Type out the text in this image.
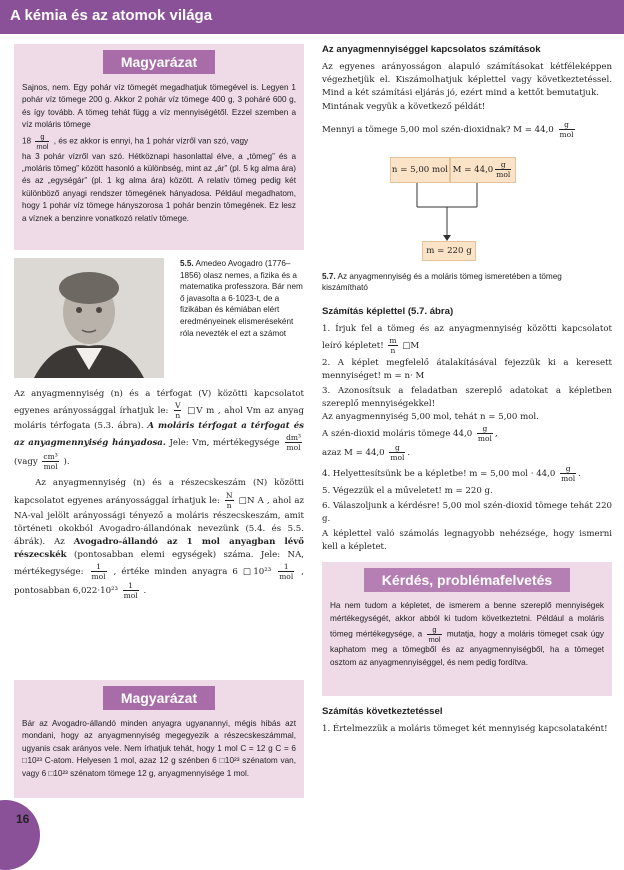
A kémia és az atomok világa
Magyarázat
Sajnos, nem. Egy pohár víz tömegét megadhatjuk tömegével is. Legyen 1 pohár víz tömege 200 g. Akkor 2 pohár víz tömege 400 g, 3 poháré 600 g, és így tovább. A tömeg tehát függ a víz mennyiségétől. Ezzel szemben a víz moláris tömege
$18 \frac{g}{\text{mol}}$ , és ez akkor is ennyi, ha 1 pohár vízről van szó, vagy
ha 3 pohár vízről van szó. Hétköznapi hasonlattal élve, a „tömeg” és a „moláris tömeg” között hasonló a különbség, mint az „ár” (pl. 5 kg alma ára) és az „egységár” (pl. 1 kg alma ára) között. A relatív tömeg pedig két különböző anyagi rendszer tömegének hányadosa. Például megadhatom, hogy 1 pohár víz tömege hányszorosa 1 pohár benzin tömegének. Ez lesz a víznek a benzinre vonatkozó relatív tömege.
5.5. Amedeo Avogadro (1776–1856) olasz nemes, a fizika és a matematika professzora. Bár nem ő javasolta a 6·1023-t, de a fizikában és kémiában elért eredményeinek elismeréseként róla nevezték el ezt a számot
Az anyagmennyiség (n) és a térfogat (V) közötti kapcsolatot egyenes arányossággal írhatjuk le: $\frac{V}{n}$ □V m , ahol Vm az anyag moláris térfogata (5.3. ábra). A moláris térfogat a térfogat és az anyagmennyiség hányadosa. Jele: Vm, mértékegysége $\frac{\text{dm³}}{\text{mol}}$
(vagy $\frac{\text{cm³}}{\text{mol}}$ ).
Az anyagmennyiség (n) és a részecskeszám (N) közötti kapcsolatot egyenes arányossággal írhatjuk le: $\frac{N}{n}$ □N A , ahol az NA-val jelölt arányossági tényező a moláris részecskeszám, amit történeti okokból Avogadro-állandónak nevezünk (5.4. és 5.5. ábrák). Az Avogadro-állandó az 1 mol anyagban lévő részecskék (pontosabban elemi egységek) száma. Jele: NA, mértékegysége: $\frac{1}{\text{mol}}$ , értéke minden anyagra 6 □10²³ $\frac{1}{\text{mol}}$ , pontosabban $6,022\cdot 10^{23} \frac{1}{\text{mol}}$ .
Magyarázat
Bár az Avogadro-állandó minden anyagra ugyanannyi, mégis hibás azt mondani, hogy az anyagmennyiség megegyezik a részecskeszámmal, ugyanis csak arányos vele. Nem írhatjuk tehát, hogy 1 mol C = 12 g C = 6 □10²³ C-atom. Helyesen 1 mol, azaz 12 g szénben 6 □10²³ szénatom van, vagy 6 □10²³ szénatom tömege 12 g, anyagmennyisége 1 mol.
Az anyagmennyiséggel kapcsolatos számítások
Az egyenes arányosságon alapuló számításokat kétféleképpen végezhetjük el. Kiszámolhatjuk képlettel vagy következtetéssel. Mind a két számítási eljárás jó, ezért mind a kettőt bemutatjuk.
Mintának vegyük a következő példát!
Mennyi a tömege 5,00 mol szén-dioxidnak? $M = 44,0 \frac{g}{\text{mol}}$
n = 5,00 mol $M = 44,0 \frac{g}{\text{mol}}$
m = 220 g
5.7. Az anyagmennyiség és a moláris tömeg ismeretében a tömeg kiszámítható
Számítás képlettel (5.7. ábra)
1. Írjuk fel a tömeg és az anyagmennyiség közötti kapcsolatot leíró képletet! $\frac{m}{n}$ □M
2. A képlet megfelelő átalakításával fejezzük ki a keresett mennyiséget! m = n· M
3. Azonosítsuk a feladatban szereplő adatokat a képletben szereplő mennyiségekkel!
Az anyagmennyiség 5,00 mol, tehát n = 5,00 mol.
A szén-dioxid moláris tömege $44,0 \frac{g}{\text{mol}}$ ,
azaz $M = 44,0 \frac{g}{\text{mol}}$ .
4. Helyettesítsünk be a képletbe! m = 5,00 mol · $44,0 \frac{g}{\text{mol}}$ .
5. Végezzük el a műveletet! m = 220 g.
6. Válaszoljunk a kérdésre! 5,00 mol szén-dioxid tömege tehát 220 g.
A képlettel való számolás legnagyobb nehézsége, hogy ismerni kell a képletet.
Kérdés, problémafelvetés
Ha nem tudom a képletet, de ismerem a benne szereplő mennyiségek mértékegységét, akkor abból ki tudom következtetni. Például a moláris tömeg mértékegysége, a $\frac{g}{\text{mol}}$ mutatja, hogy a moláris tömeget csak úgy kaphatom meg a tömegből és az anyagmennyiségből, ha a tömeget osztom az anyagmennyiséggel, és nem pedig fordítva.
Számítás következtetéssel
1. Értelmezzük a moláris tömeget két mennyiség kapcsolataként!
16
